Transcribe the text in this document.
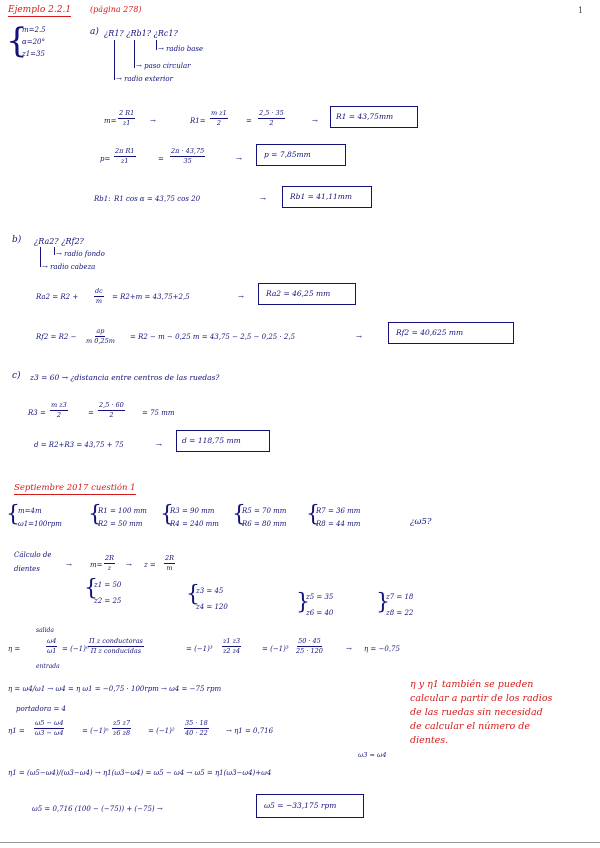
1
Ejemplo 2.2.1 (página 278)
{
m=2.5
α=20°
z1=35
a) ¿R1? ¿Rb1? ¿Rc1?
→ radio base
→ paso circular
→ radio exterior
$m= \frac{2 R1}{z1}$ →	$R1= \frac{\text{m z1}}{2}$	= $\frac{2,5 \cdot 35}{2}$	→ R1 = 43,75mm
$p= \frac{\text{2π R1}}{z1}$	= $\frac{2\pi \cdot 43,75}{35}$	→	p = 7,85mm
Rb1: R1 cos α = 43,75 cos 20	→	Rb1 = 41,11mm
b) ¿Ra2? ¿Rf2?
→ radio fondo
→ radio cabeza
$Ra2 = R2 + \frac{dc}{m} = R2+m = 43,75+2,5$	→	Ra2 = 46,25 mm
$Rf2 = R2 - \frac{ap}{m 0,25m} = R2 - m - 0,25$ m = 43,75 − 2,5 − 0,25 · 2,5	→	Rf2 = 40,625 mm
c) z3 = 60 → ¿distancia entre centros de las ruedas?
$R3 = \frac{\text{m z3}}{2}$	= $\frac{2,5 \cdot 60}{2} = 75$ mm
d = R2+R3 = 43,75 + 75	→	d = 118,75 mm
Septiembre 2017 cuestión 1
{
m=4m
ω1=100rpm {
R1 = 100 mm
R2 = 50 mm {
R3 = 90 mm
R4 = 240 mm {
R5 = 70 mm
R6 = 80 mm {
R7 = 36 mm
R8 = 44 mm	¿ω5?
Cálculo de dientes	→	$m= \frac{2R}{z} \to z = \frac{2R}{m}$
{
z1 = 50
z2 = 25	{
z3 = 45
z4 = 120	}
z5 = 35
z6 = 40 }
z7 = 18
z8 = 22
salida
entrada
η =	$\frac{\omega 4}{\omega 1} = (-1)^n$
Π z conductoras
Π z conducidas	= $(-1)^3 \frac{z1 z3}{z2 z4}$	= $(-1)^3 \frac{50 \cdot 45}{25 \cdot 120}$	→ η = −0,75
η = ω4/ω1 → ω4 = η ω1 = −0,75 · 100rpm → ω4 = −75 rpm
portadora = 4
$\eta 1 = \frac{\omega 5 - \omega 4}{\omega 3 - \omega 4}$	= $(-1)^n \frac{z5 z7}{z6 z8} = (-1)^2 \frac{35 \cdot 18}{40 \cdot 22} \to \eta 1 = 0,716$
ω3 = ω4
η1 = (ω5−ω4)/(ω3−ω4) → η1(ω3−ω4) = ω5 − ω4 → ω5 = η1(ω3−ω4)+ω4
ω5 = 0,716 (100 − (−75)) + (−75) →	ω5 = −33,175 rpm
η y η1 también se pueden
calcular a partir de los radios
de las ruedas sin necesidad
de calcular el número de
dientes.
